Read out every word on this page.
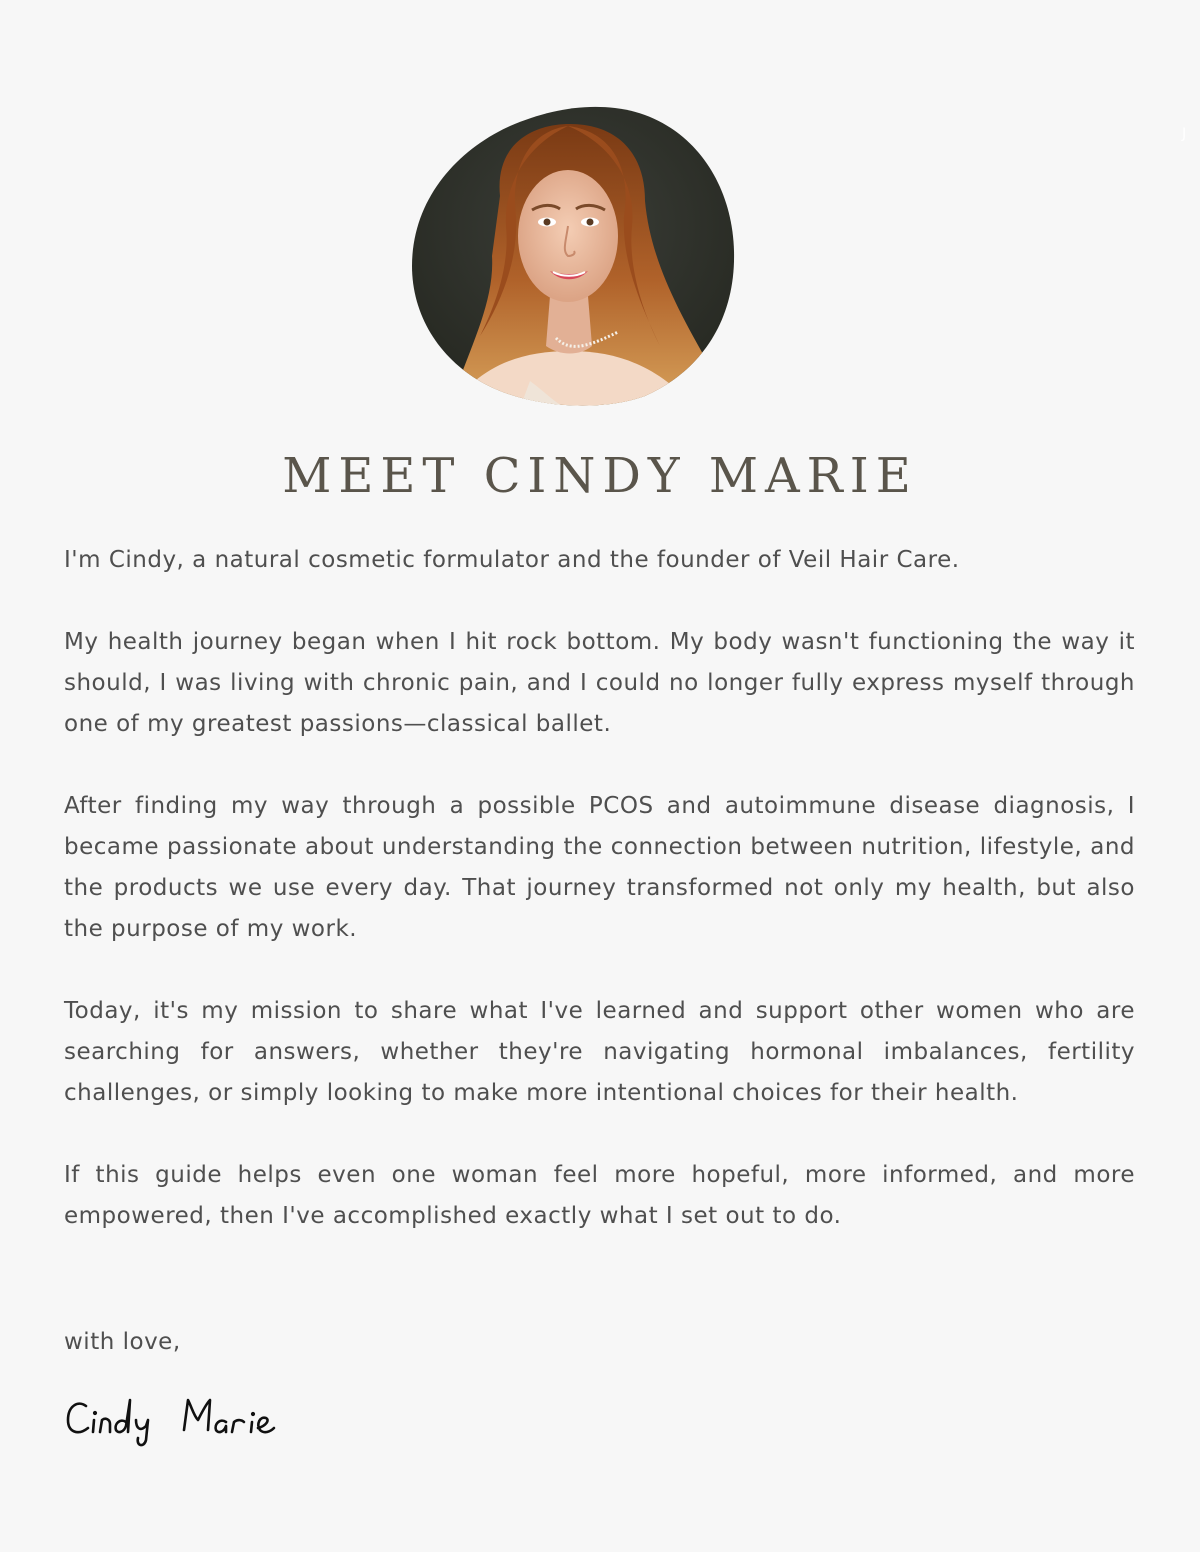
MEET CINDY MARIE

I'm Cindy, a natural cosmetic formulator and the founder of Veil Hair Care.

My health journey began when I hit rock bottom. My body wasn't functioning the way it should, I was living with chronic pain, and I could no longer fully express myself through one of my greatest passions—classical ballet.

After finding my way through a possible PCOS and autoimmune disease diagnosis, I became passionate about understanding the connection between nutrition, lifestyle, and the products we use every day. That journey transformed not only my health, but also the purpose of my work.

Today, it's my mission to share what I've learned and support other women who are searching for answers, whether they're navigating hormonal imbalances, fertility challenges, or simply looking to make more intentional choices for their health.

If this guide helps even one woman feel more hopeful, more informed, and more empowered, then I've accomplished exactly what I set out to do.

with love,

J
